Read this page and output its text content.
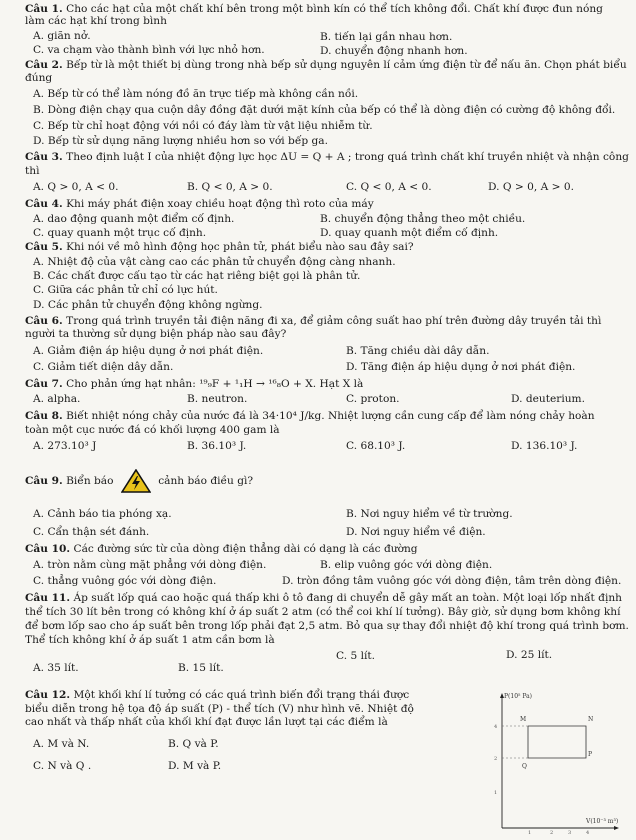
Câu 1. Cho các hạt của một chất khí bên trong một bình kín có thể tích không đổi. Chất khí được đun nóng
làm các hạt khí trong bình
A. giãn nở.	B. tiến lại gần nhau hơn.
C. va chạm vào thành bình với lực nhỏ hơn.	D. chuyển động nhanh hơn.
Câu 2. Bếp từ là một thiết bị dùng trong nhà bếp sử dụng nguyên lí cảm ứng điện từ để nấu ăn. Chọn phát biểu
đúng
A. Bếp từ có thể làm nóng đồ ăn trực tiếp mà không cần nồi.
B. Dòng điện chạy qua cuộn dây đồng đặt dưới mặt kính của bếp có thể là dòng điện có cường độ không đổi.
C. Bếp từ chỉ hoạt động với nồi có đáy làm từ vật liệu nhiễm từ.
D. Bếp từ sử dụng năng lượng nhiều hơn so với bếp ga.
Câu 3. Theo định luật I của nhiệt động lực học ΔU = Q + A ; trong quá trình chất khí truyền nhiệt và nhận công
thì
A. Q > 0, A < 0.	B. Q < 0, A > 0.	C. Q < 0, A < 0.	D. Q > 0, A > 0.
Câu 4. Khi máy phát điện xoay chiều hoạt động thì roto của máy
A. dao động quanh một điểm cố định.	B. chuyển động thẳng theo một chiều.
C. quay quanh một trục cố định.	D. quay quanh một điểm cố định.
Câu 5. Khi nói về mô hình động học phân tử, phát biểu nào sau đây sai?
A. Nhiệt độ của vật càng cao các phân tử chuyển động càng nhanh.
B. Các chất được cấu tạo từ các hạt riêng biệt gọi là phân tử.
C. Giữa các phân tử chỉ có lực hút.
D. Các phân tử chuyển động không ngừng.
Câu 6. Trong quá trình truyền tải điện năng đi xa, để giảm công suất hao phí trên đường dây truyền tải thì
người ta thường sử dụng biện pháp nào sau đây?
A. Giảm điện áp hiệu dụng ở nơi phát điện.	B. Tăng chiều dài dây dẫn.
C. Giảm tiết diện dây dẫn.	D. Tăng điện áp hiệu dụng ở nơi phát điện.
Câu 7. Cho phản ứng hạt nhân: ¹⁹₉F + ¹₁H → ¹⁶₈O + X. Hạt X là
A. alpha.	B. neutron.	C. proton.	D. deuterium.
Câu 8. Biết nhiệt nóng chảy của nước đá là 34·10⁴ J/kg. Nhiệt lượng cần cung cấp để làm nóng chảy hoàn
toàn một cục nước đá có khối lượng 400 gam là
A. 273.10³ J	B. 36.10³ J.	C. 68.10³ J.	D. 136.10³ J.
Câu 9. Biển báo	cảnh báo điều gì?
A. Cảnh báo tia phóng xạ.	B. Nơi nguy hiểm về từ trường.
C. Cẩn thận sét đánh.	D. Nơi nguy hiểm về điện.
Câu 10. Các đường sức từ của dòng điện thẳng dài có dạng là các đường
A. tròn nằm cùng mặt phẳng với dòng điện.	B. elip vuông góc với dòng điện.
C. thẳng vuông góc với dòng điện.	D. tròn đồng tâm vuông góc với dòng điện, tâm trên dòng điện.
Câu 11. Áp suất lốp quá cao hoặc quá thấp khi ô tô đang di chuyển dễ gây mất an toàn. Một loại lốp nhất định
thể tích 30 lít bên trong có không khí ở áp suất 2 atm (có thể coi khí lí tưởng). Bây giờ, sử dụng bơm không khí
để bơm lốp sao cho áp suất bên trong lốp phải đạt 2,5 atm. Bỏ qua sự thay đổi nhiệt độ khí trong quá trình bơm.
Thể tích không khí ở áp suất 1 atm cần bơm là
A. 35 lít.	B. 15 lít.
C. 5 lít.	D. 25 lít.
Câu 12. Một khối khí lí tưởng có các quá trình biến đổi trạng thái được
biểu diễn trong hệ tọa độ áp suất (P) - thể tích (V) như hình vẽ. Nhiệt độ
cao nhất và thấp nhất của khối khí đạt được lần lượt tại các điểm là
A. M và N.	B. Q và P.
C. N và Q .	D. M và P.
P(10⁵ Pa)
V(10⁻³ m³)
M	N
P
Q
4
2
1
1	2	3	4
